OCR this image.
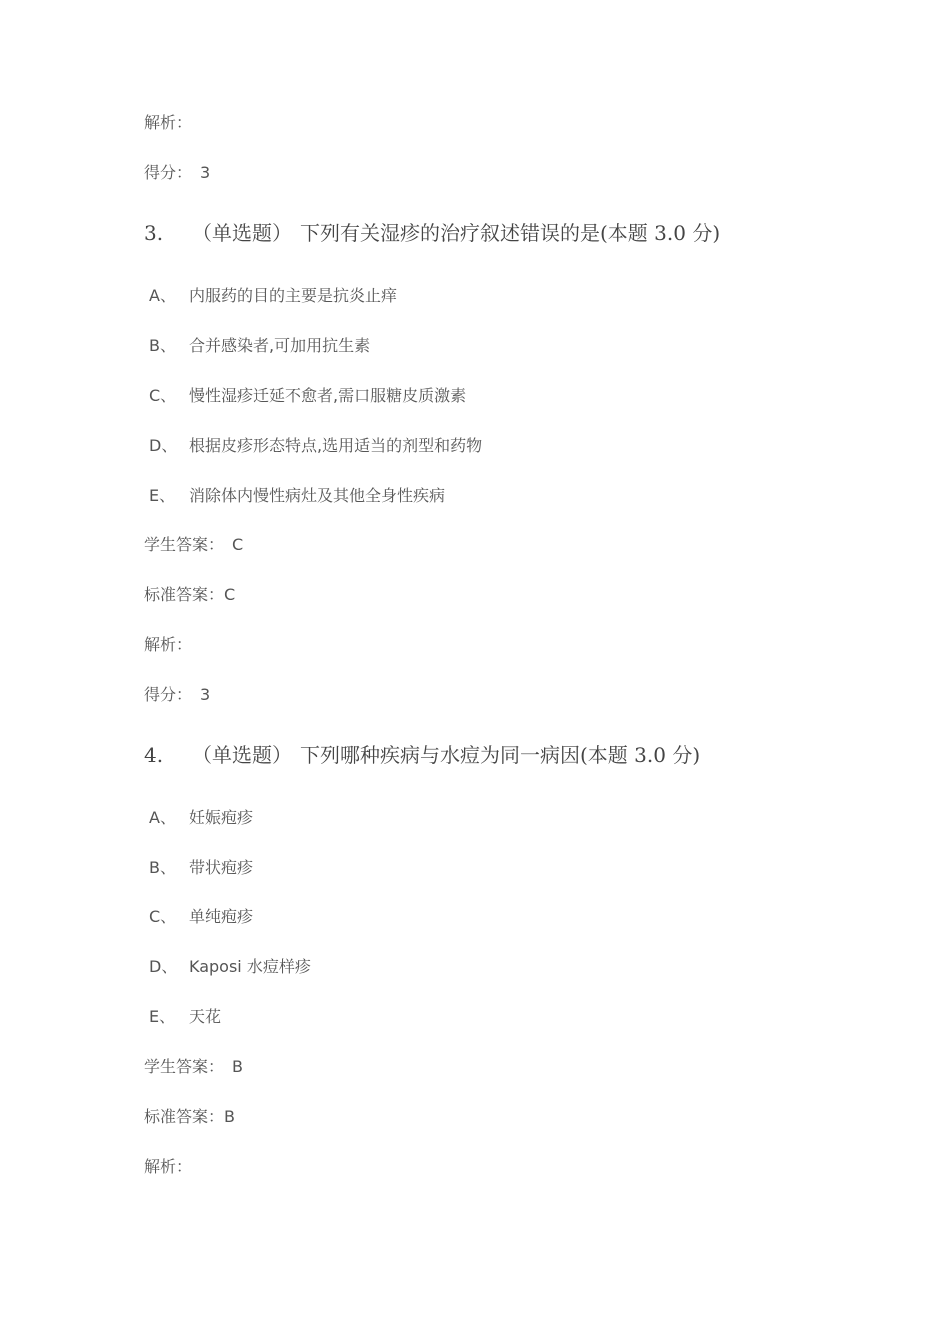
解析：
得分： 3
3. （单选题） 下列有关湿疹的治疗叙述错误的是(本题 3.0 分)
A、 内服药的目的主要是抗炎止痒
B、 合并感染者,可加用抗生素
C、 慢性湿疹迁延不愈者,需口服糖皮质激素
D、 根据皮疹形态特点,选用适当的剂型和药物
E、 消除体内慢性病灶及其他全身性疾病
学生答案： C
标准答案：C
解析：
得分： 3
4. （单选题） 下列哪种疾病与水痘为同一病因(本题 3.0 分)
A、 妊娠疱疹
B、 带状疱疹
C、 单纯疱疹
D、 Kaposi 水痘样疹
E、 天花
学生答案： B
标准答案：B
解析：
